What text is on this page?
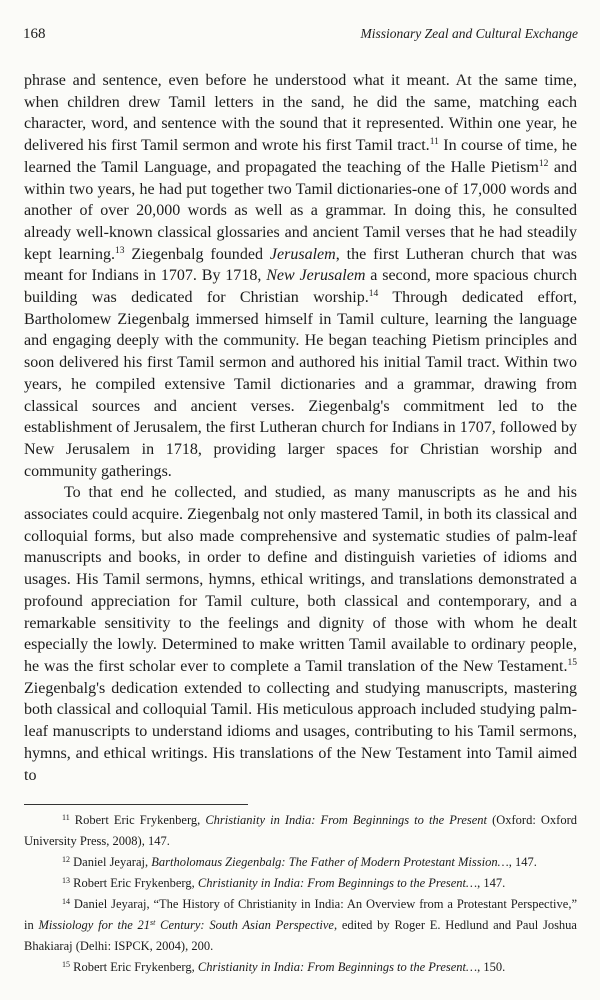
168	Missionary Zeal and Cultural Exchange

phrase and sentence, even before he understood what it meant. At the same time, when children drew Tamil letters in the sand, he did the same, matching each character, word, and sentence with the sound that it represented. Within one year, he delivered his first Tamil sermon and wrote his first Tamil tract.$^{11}$ In course of time, he learned the Tamil Language, and propagated the teaching of the Halle Pietism$^{12}$ and within two years, he had put together two Tamil dictionaries-one of 17,000 words and another of over 20,000 words as well as a grammar. In doing this, he consulted already well-known classical glossaries and ancient Tamil verses that he had steadily kept learning.$^{13}$ Ziegenbalg founded Jerusalem, the first Lutheran church that was meant for Indians in 1707. By 1718, New Jerusalem a second, more spacious church building was dedicated for Christian worship.$^{14}$ Through dedicated effort, Bartholomew Ziegenbalg immersed himself in Tamil culture, learning the language and engaging deeply with the community. He began teaching Pietism principles and soon delivered his first Tamil sermon and authored his initial Tamil tract. Within two years, he compiled extensive Tamil dictionaries and a grammar, drawing from classical sources and ancient verses. Ziegenbalg's commitment led to the establishment of Jerusalem, the first Lutheran church for Indians in 1707, followed by New Jerusalem in 1718, providing larger spaces for Christian worship and community gatherings.

To that end he collected, and studied, as many manuscripts as he and his associates could acquire. Ziegenbalg not only mastered Tamil, in both its classical and colloquial forms, but also made comprehensive and systematic studies of palm-leaf manuscripts and books, in order to define and distinguish varieties of idioms and usages. His Tamil sermons, hymns, ethical writings, and translations demonstrated a profound appreciation for Tamil culture, both classical and contemporary, and a remarkable sensitivity to the feelings and dignity of those with whom he dealt especially the lowly. Determined to make written Tamil available to ordinary people, he was the first scholar ever to complete a Tamil translation of the New Testament.$^{15}$ Ziegenbalg's dedication extended to collecting and studying manuscripts, mastering both classical and colloquial Tamil. His meticulous approach included studying palm-leaf manuscripts to understand idioms and usages, contributing to his Tamil sermons, hymns, and ethical writings. His translations of the New Testament into Tamil aimed to

$^{11}$ Robert Eric Frykenberg, Christianity in India: From Beginnings to the Present (Oxford: Oxford University Press, 2008), 147.

$^{12}$ Daniel Jeyaraj, Bartholomaus Ziegenbalg: The Father of Modern Protestant Mission…, 147.

$^{13}$ Robert Eric Frykenberg, Christianity in India: From Beginnings to the Present…, 147.

$^{14}$ Daniel Jeyaraj, “The History of Christianity in India: An Overview from a Protestant Perspective,” in Missiology for the 21st Century: South Asian Perspective, edited by Roger E. Hedlund and Paul Joshua Bhakiaraj (Delhi: ISPCK, 2004), 200.

$^{15}$ Robert Eric Frykenberg, Christianity in India: From Beginnings to the Present…, 150.
